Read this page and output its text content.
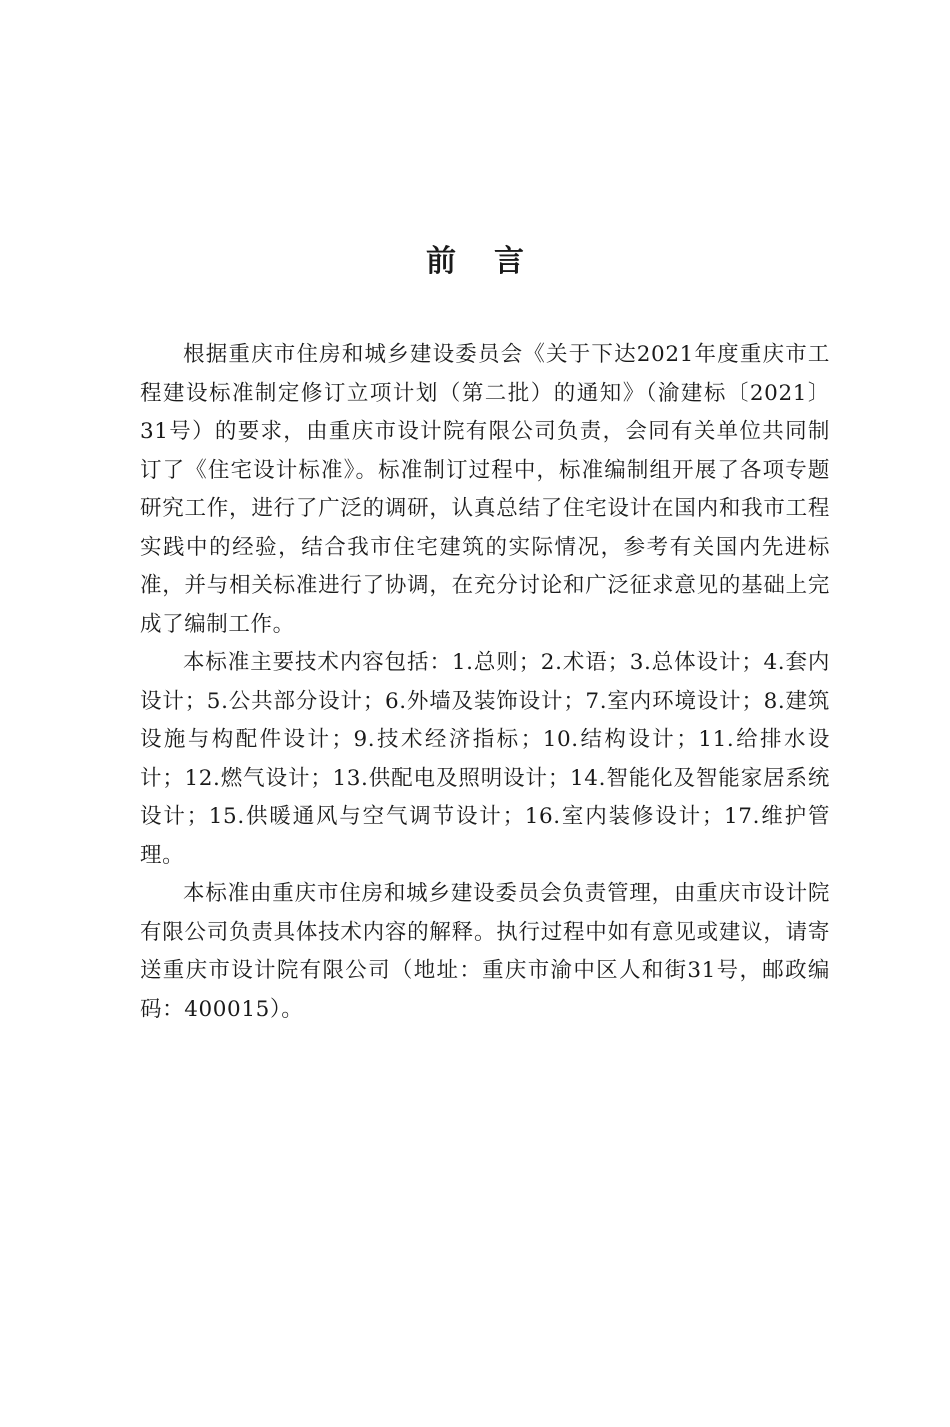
前言

根据重庆市住房和城乡建设委员会《关于下达2021年度重庆市工程建设标准制定修订立项计划（第二批）的通知》（渝建标〔2021〕31号）的要求，由重庆市设计院有限公司负责，会同有关单位共同制订了《住宅设计标准》。标准制订过程中，标准编制组开展了各项专题研究工作，进行了广泛的调研，认真总结了住宅设计在国内和我市工程实践中的经验，结合我市住宅建筑的实际情况，参考有关国内先进标准，并与相关标准进行了协调，在充分讨论和广泛征求意见的基础上完成了编制工作。

本标准主要技术内容包括：1.总则；2.术语；3.总体设计；4.套内设计；5.公共部分设计；6.外墙及装饰设计；7.室内环境设计；8.建筑设施与构配件设计；9.技术经济指标；10.结构设计；11.给排水设计；12.燃气设计；13.供配电及照明设计；14.智能化及智能家居系统设计；15.供暖通风与空气调节设计；16.室内装修设计；17.维护管理。

本标准由重庆市住房和城乡建设委员会负责管理，由重庆市设计院有限公司负责具体技术内容的解释。执行过程中如有意见或建议，请寄送重庆市设计院有限公司（地址：重庆市渝中区人和街31号，邮政编码：400015）。
